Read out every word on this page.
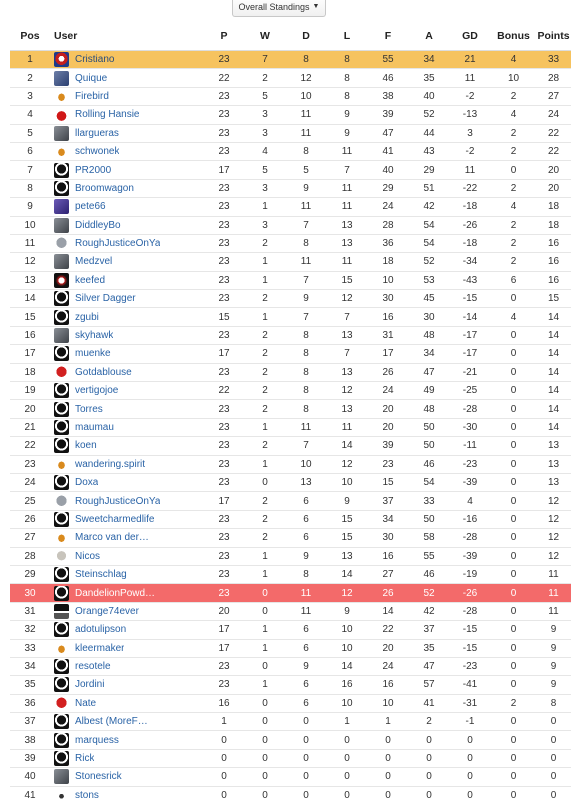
Overall Standings ▼
Pos	User	P	W	D	L	F	A	GD	Bonus	Points
1	Cristiano	23	7	8	8	55	34	21	4	33
2	Quique	22	2	12	8	46	35	11	10	28
3	Firebird	23	5	10	8	38	40	-2	2	27
4	Rolling Hansie	23	3	11	9	39	52	-13	4	24
5	llargueras	23	3	11	9	47	44	3	2	22
6	schwonek	23	4	8	11	41	43	-2	2	22
7	PR2000	17	5	5	7	40	29	11	0	20
8	Broomwagon	23	3	9	11	29	51	-22	2	20
9	pete66	23	1	11	11	24	42	-18	4	18
10	DiddleyBo	23	3	7	13	28	54	-26	2	18
11	RoughJusticeOnYa	23	2	8	13	36	54	-18	2	16
12	Medzvel	23	1	11	11	18	52	-34	2	16
13	keefed	23	1	7	15	10	53	-43	6	16
14	Silver Dagger	23	2	9	12	30	45	-15	0	15
15	zgubi	15	1	7	7	16	30	-14	4	14
16	skyhawk	23	2	8	13	31	48	-17	0	14
17	muenke	17	2	8	7	17	34	-17	0	14
18	Gotdablouse	23	2	8	13	26	47	-21	0	14
19	vertigojoe	22	2	8	12	24	49	-25	0	14
20	Torres	23	2	8	13	20	48	-28	0	14
21	maumau	23	1	11	11	20	50	-30	0	14
22	koen	23	2	7	14	39	50	-11	0	13
23	wandering.spirit	23	1	10	12	23	46	-23	0	13
24	Doxa	23	0	13	10	15	54	-39	0	13
25	RoughJusticeOnYa	17	2	6	9	37	33	4	0	12
26	Sweetcharmedlife	23	2	6	15	34	50	-16	0	12
27	Marco van der…	23	2	6	15	30	58	-28	0	12
28	Nicos	23	1	9	13	16	55	-39	0	12
29	Steinschlag	23	1	8	14	27	46	-19	0	11
30	DandelionPowd…	23	0	11	12	26	52	-26	0	11
31	Orange74ever	20	0	11	9	14	42	-28	0	11
32	adotulipson	17	1	6	10	22	37	-15	0	9
33	kleermaker	17	1	6	10	20	35	-15	0	9
34	resotele	23	0	9	14	24	47	-23	0	9
35	Jordini	23	1	6	16	16	57	-41	0	9
36	Nate	16	0	6	10	10	41	-31	2	8
37	Albest (MoreF…	1	0	0	1	1	2	-1	0	0
38	marquess	0	0	0	0	0	0	0	0	0
39	Rick	0	0	0	0	0	0	0	0	0
40	Stonesrick	0	0	0	0	0	0	0	0	0
41	stons	0	0	0	0	0	0	0	0	0
